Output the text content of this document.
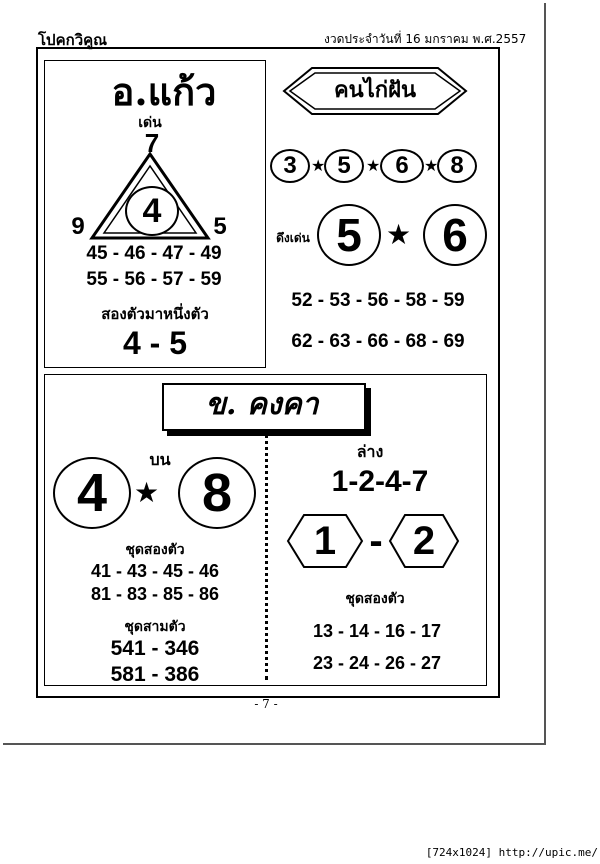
โปคกวิคูณ	งวดประจำวันที่ 16 มกราคม พ.ศ.2557
อ.แก้ว
เด่น
7
4
9	5
45 - 46 - 47 - 49
55 - 56 - 57 - 59
สองตัวมาหนึ่งตัว
4 - 5
คนไก่ฝัน
3 ★ 5 ★ 6 ★ 8
ดึงเด่น 5 ★ 6
52 - 53 - 56 - 58 - 59
62 - 63 - 66 - 68 - 69
ข. คงคา
บน
4 ★ 8
ชุดสองตัว
41 - 43 - 45 - 46
81 - 83 - 85 - 86
ชุดสามตัว
541 - 346
581 - 386
ล่าง
1-2-4-7
1 - 2
ชุดสองตัว
13 - 14 - 16 - 17
23 - 24 - 26 - 27
- 7 -
[724x1024] http://upic.me/
